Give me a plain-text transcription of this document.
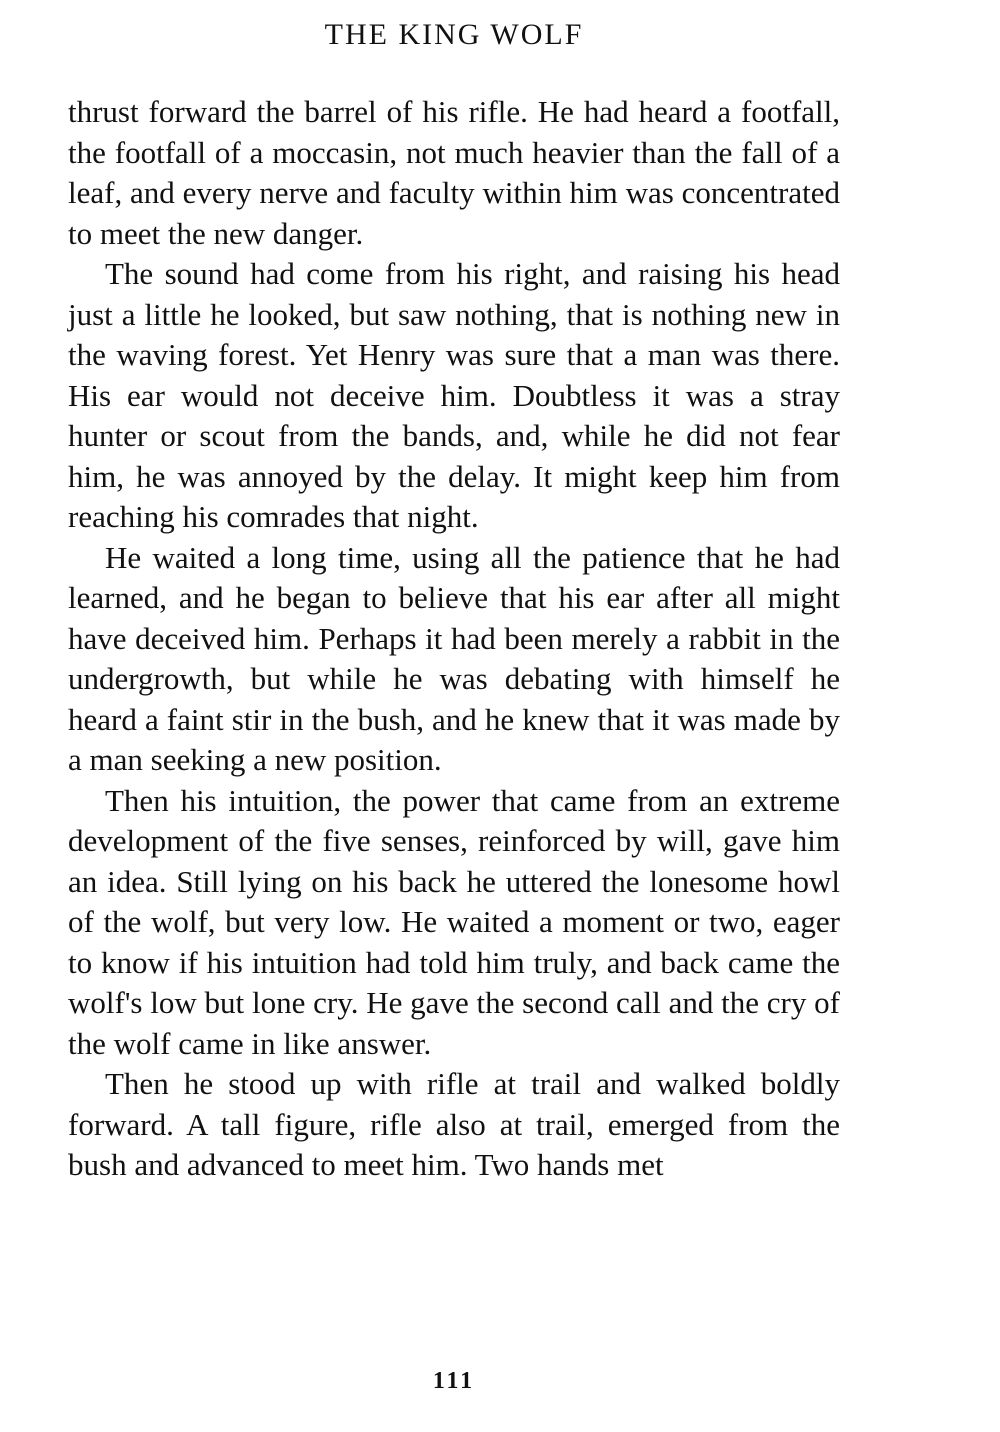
THE KING WOLF

thrust forward the barrel of his rifle. He had heard a footfall, the footfall of a moccasin, not much heavier than the fall of a leaf, and every nerve and faculty within him was concentrated to meet the new danger.

The sound had come from his right, and raising his head just a little he looked, but saw nothing, that is nothing new in the waving forest. Yet Henry was sure that a man was there. His ear would not deceive him. Doubtless it was a stray hunter or scout from the bands, and, while he did not fear him, he was annoyed by the delay. It might keep him from reaching his comrades that night.

He waited a long time, using all the patience that he had learned, and he began to believe that his ear after all might have deceived him. Perhaps it had been merely a rabbit in the undergrowth, but while he was debating with himself he heard a faint stir in the bush, and he knew that it was made by a man seeking a new position.

Then his intuition, the power that came from an extreme development of the five senses, reinforced by will, gave him an idea. Still lying on his back he uttered the lonesome howl of the wolf, but very low. He waited a moment or two, eager to know if his intuition had told him truly, and back came the wolf's low but lone cry. He gave the second call and the cry of the wolf came in like answer.

Then he stood up with rifle at trail and walked boldly forward. A tall figure, rifle also at trail, emerged from the bush and advanced to meet him. Two hands met

111
